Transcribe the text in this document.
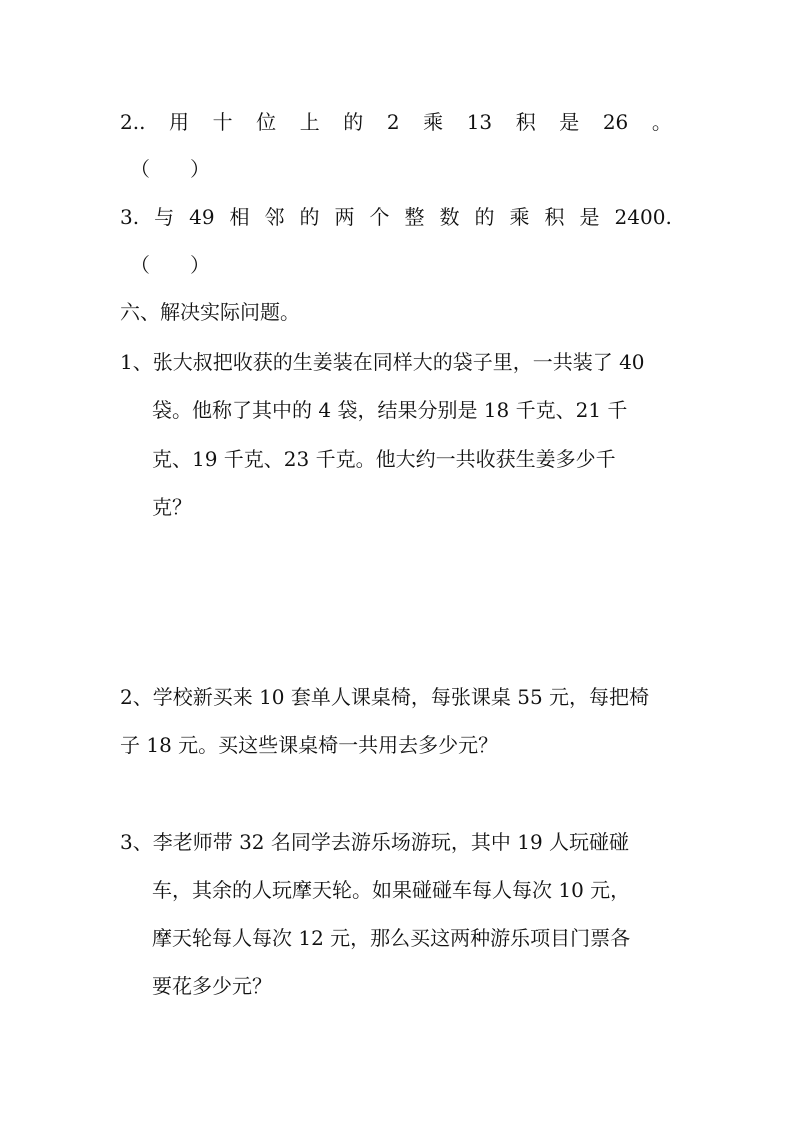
2.. 用 十 位 上 的 2 乘 13 积 是 26 。
（ ）
3. 与 49 相 邻 的 两 个 整 数 的 乘 积 是 2400.
（ ）
六、解决实际问题。
1、张大叔把收获的生姜装在同样大的袋子里，一共装了 40
袋。他称了其中的 4 袋，结果分别是 18 千克、21 千
克、19 千克、23 千克。他大约一共收获生姜多少千
克？
2、学校新买来 10 套单人课桌椅，每张课桌 55 元，每把椅
子 18 元。买这些课桌椅一共用去多少元？
3、李老师带 32 名同学去游乐场游玩，其中 19 人玩碰碰
车，其余的人玩摩天轮。如果碰碰车每人每次 10 元，
摩天轮每人每次 12 元，那么买这两种游乐项目门票各
要花多少元？
